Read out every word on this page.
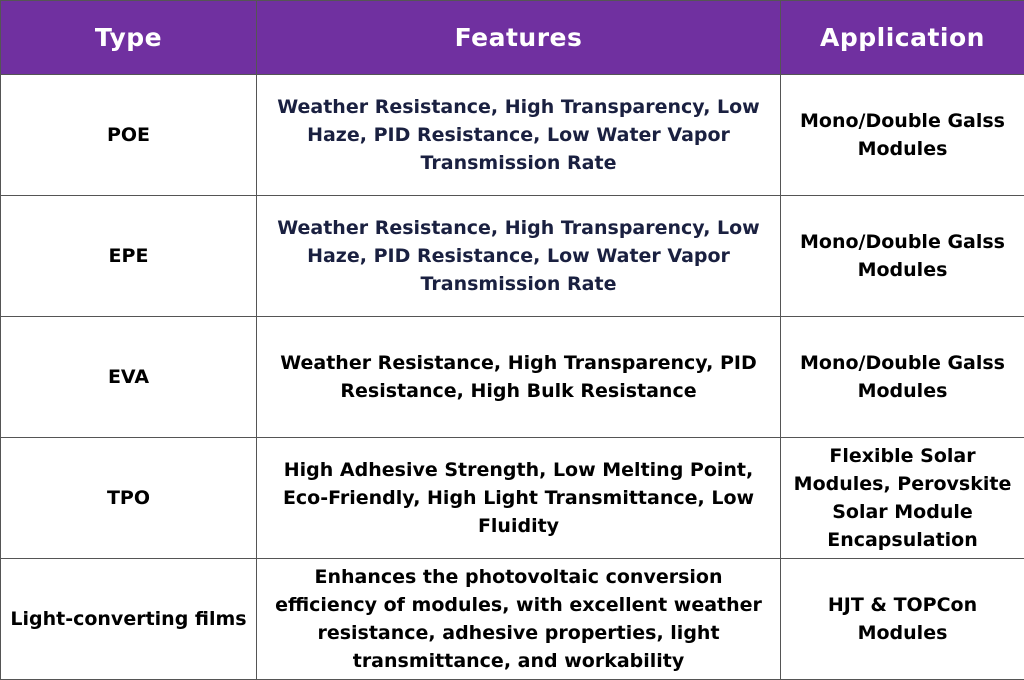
Type	Features	Application
POE	Weather Resistance, High Transparency, Low Haze, PID Resistance, Low Water Vapor Transmission Rate	Mono/Double Galss Modules
EPE	Weather Resistance, High Transparency, Low Haze, PID Resistance, Low Water Vapor Transmission Rate	Mono/Double Galss Modules
EVA	Weather Resistance, High Transparency, PID Resistance, High Bulk Resistance	Mono/Double Galss Modules
TPO	High Adhesive Strength, Low Melting Point, Eco-Friendly, High Light Transmittance, Low Fluidity	Flexible Solar Modules, Perovskite Solar Module Encapsulation
Light-converting films	Enhances the photovoltaic conversion efficiency of modules, with excellent weather resistance, adhesive properties, light transmittance, and workability	HJT & TOPCon Modules
